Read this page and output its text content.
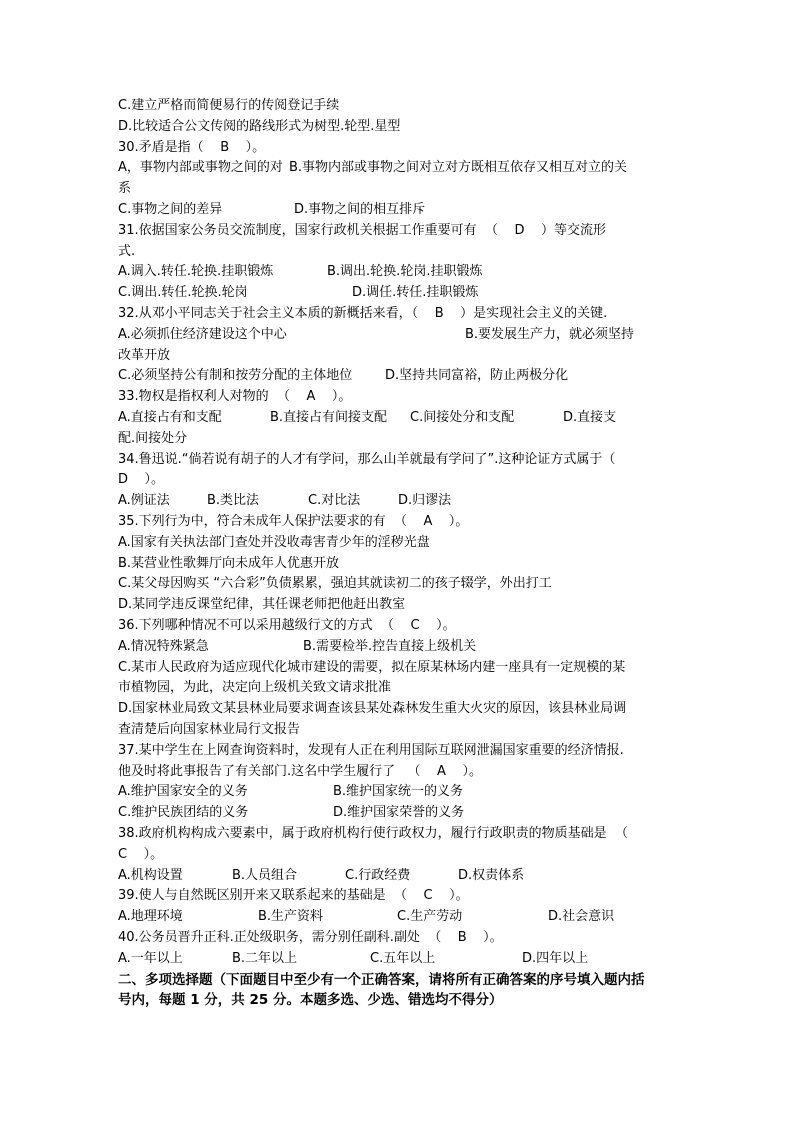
C.建立严格而简便易行的传阅登记手续
D.比较适合公文传阅的路线形式为树型.轮型.星型
30.矛盾是指（    B    ）。
A，事物内部或事物之间的对 B.事物内部或事物之间对立对方既相互依存又相互对立的关
系
C.事物之间的差异	D.事物之间的相互排斥
31.依据国家公务员交流制度，国家行政机关根据工作重要可有  （    D    ）等交流形
式.
A.调入.转任.轮换.挂职锻炼	B.调出.轮换.轮岗.挂职锻炼
C.调出.转任.轮换.轮岗	D.调任.转任.挂职锻炼
32.从邓小平同志关于社会主义本质的新概括来看，（    B    ）是实现社会主义的关键.
A.必须抓住经济建设这个中心	B.要发展生产力，就必须坚持
改革开放
C.必须坚持公有制和按劳分配的主体地位	D.坚持共同富裕，防止两极分化
33.物权是指权利人对物的  （    A    ）。
A.直接占有和支配	B.直接占有间接支配 C.间接处分和支配	D.直接支
配.间接处分
34.鲁迅说.“倘若说有胡子的人才有学问，那么山羊就最有学问了”.这种论证方式属于（
D    ）。
A.例证法	B.类比法	C.对比法	D.归谬法
35.下列行为中，符合未成年人保护法要求的有  （    A    ）。
A.国家有关执法部门查处并没收毒害青少年的淫秽光盘
B.某营业性歌舞厅向未成年人优惠开放
C.某父母因购买 “六合彩”负债累累，强迫其就读初二的孩子辍学，外出打工
D.某同学违反课堂纪律，其任课老师把他赶出教室
36.下列哪种情况不可以采用越级行文的方式  （    C    ）。
A.情况特殊紧急	B.需要检举.控告直接上级机关
C.某市人民政府为适应现代化城市建设的需要，拟在原某林场内建一座具有一定规模的某
市植物园，为此，决定向上级机关致文请求批准
D.国家林业局致文某县林业局要求调查该县某处森林发生重大火灾的原因，该县林业局调
查清楚后向国家林业局行文报告
37.某中学生在上网查询资料时，发现有人正在利用国际互联网泄漏国家重要的经济情报.
他及时将此事报告了有关部门.这名中学生履行了   （    A    ）。
A.维护国家安全的义务	B.维护国家统一的义务
C.维护民族团结的义务	D.维护国家荣誉的义务
38.政府机构构成六要素中，属于政府机构行使行政权力，履行行政职责的物质基础是  （
C    ）。
A.机构设置	B.人员组合	C.行政经费	D.权责体系
39.使人与自然既区别开来又联系起来的基础是  （    C    ）。
A.地理环境	B.生产资料	C.生产劳动	D.社会意识
40.公务员晋升正科.正处级职务，需分别任副科.副处  （    B    ）。
A.一年以上	B.二年以上	C.五年以上	D.四年以上
二、多项选择题（下面题目中至少有一个正确答案，请将所有正确答案的序号填入题内括
号内，每题 1 分，共 25 分。本题多选、少选、错选均不得分）
